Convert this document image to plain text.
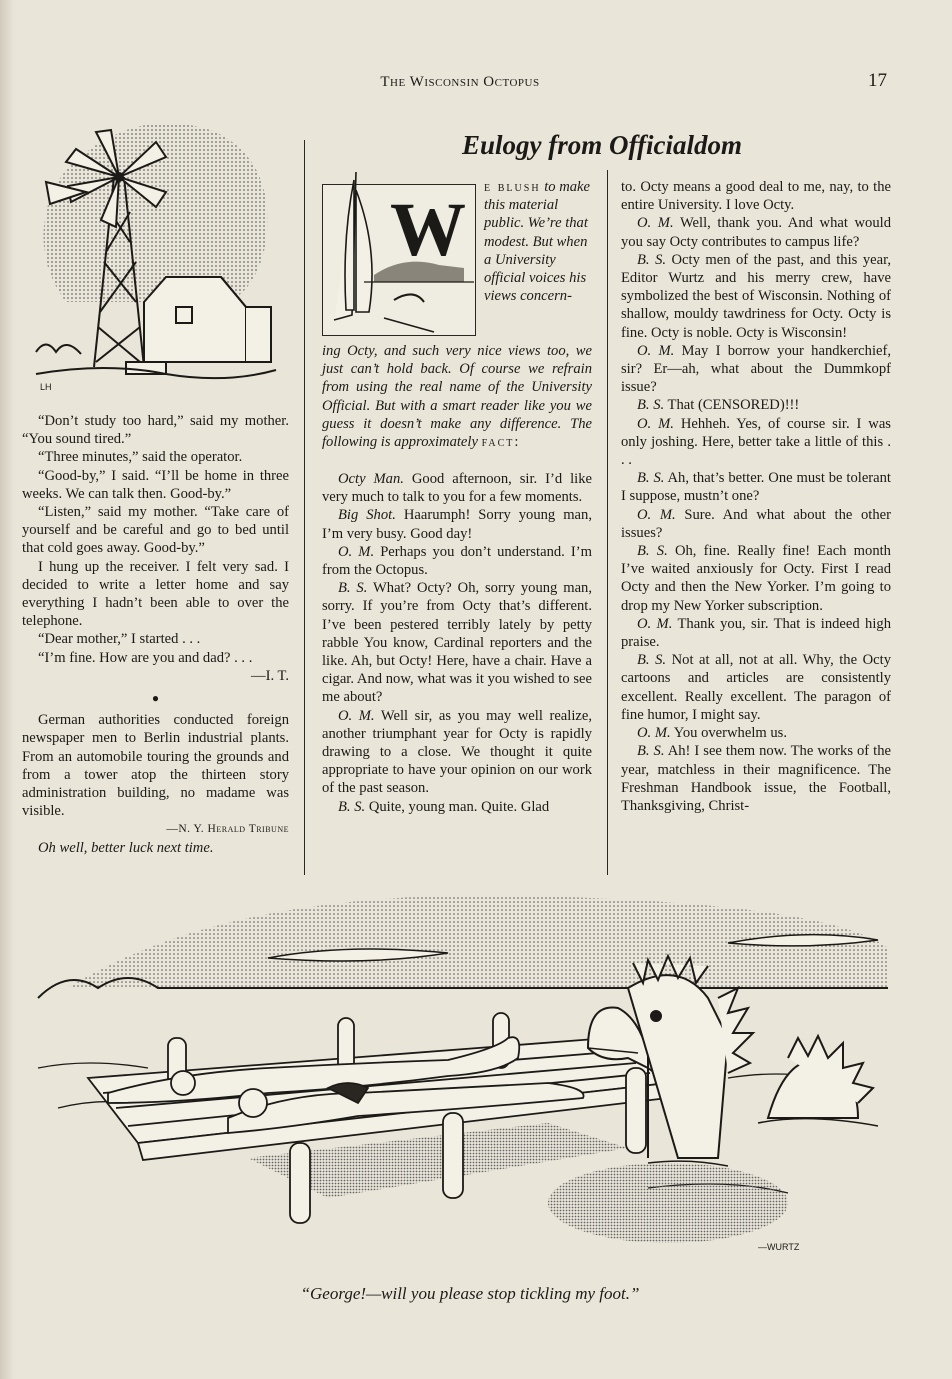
The Wisconsin Octopus	17
LH

“Don’t study too hard,” said my mother. “You sound tired.”

“Three minutes,” said the operator.

“Good-by,” I said. “I’ll be home in three weeks. We can talk then. Good-by.”

“Listen,” said my mother. “Take care of yourself and be careful and go to bed until that cold goes away. Good-by.”

I hung up the receiver. I felt very sad. I decided to write a letter home and say everything I hadn’t been able to over the telephone.

“Dear mother,” I started . . .

“I’m fine. How are you and dad? . . .

—I. T.
●

German authorities conducted foreign newspaper men to Berlin industrial plants. From an automobile touring the grounds and from a tower atop the thirteen story administration building, no madame was visible.

—N. Y. Herald Tribune

Oh well, better luck next time.

Eulogy from Officialdom
W
e blush to make this material public. We’re that modest. But when a University official voices his views concern-
ing Octy, and such very nice views too, we just can’t hold back. Of course we refrain from using the real name of the University Official. But with a smart reader like you we guess it doesn’t make any difference. The following is approximately fact:

Octy Man. Good afternoon, sir. I’d like very much to talk to you for a few moments.

Big Shot. Haarumph! Sorry young man, I’m very busy. Good day!

O. M. Perhaps you don’t understand. I’m from the Octopus.

B. S. What? Octy? Oh, sorry young man, sorry. If you’re from Octy that’s different. I’ve been pestered terribly lately by petty rabble You know, Cardinal reporters and the like. Ah, but Octy! Here, have a chair. Have a cigar. And now, what was it you wished to see me about?

O. M. Well sir, as you may well realize, another triumphant year for Octy is rapidly drawing to a close. We thought it quite appropriate to have your opinion on our work of the past season.

B. S. Quite, young man. Quite. Glad

to. Octy means a good deal to me, nay, to the entire University. I love Octy.

O. M. Well, thank you. And what would you say Octy contributes to campus life?

B. S. Octy men of the past, and this year, Editor Wurtz and his merry crew, have symbolized the best of Wisconsin. Nothing of shallow, mouldy tawdriness for Octy. Octy is fine. Octy is noble. Octy is Wisconsin!

O. M. May I borrow your handkerchief, sir? Er—ah, what about the Dummkopf issue?

B. S. That (CENSORED)!!!

O. M. Hehheh. Yes, of course sir. I was only joshing. Here, better take a little of this . . .

B. S. Ah, that’s better. One must be tolerant I suppose, mustn’t one?

O. M. Sure. And what about the other issues?

B. S. Oh, fine. Really fine! Each month I’ve waited anxiously for Octy. First I read Octy and then the New Yorker. I’m going to drop my New Yorker subscription.

O. M. Thank you, sir. That is indeed high praise.

B. S. Not at all, not at all. Why, the Octy cartoons and articles are consistently excellent. Really excellent. The paragon of fine humor, I might say.

O. M. You overwhelm us.

B. S. Ah! I see them now. The works of the year, matchless in their magnificence. The Freshman Handbook issue, the Football, Thanksgiving, Christ-

—WURTZ
“George!—will you please stop tickling my foot.”
